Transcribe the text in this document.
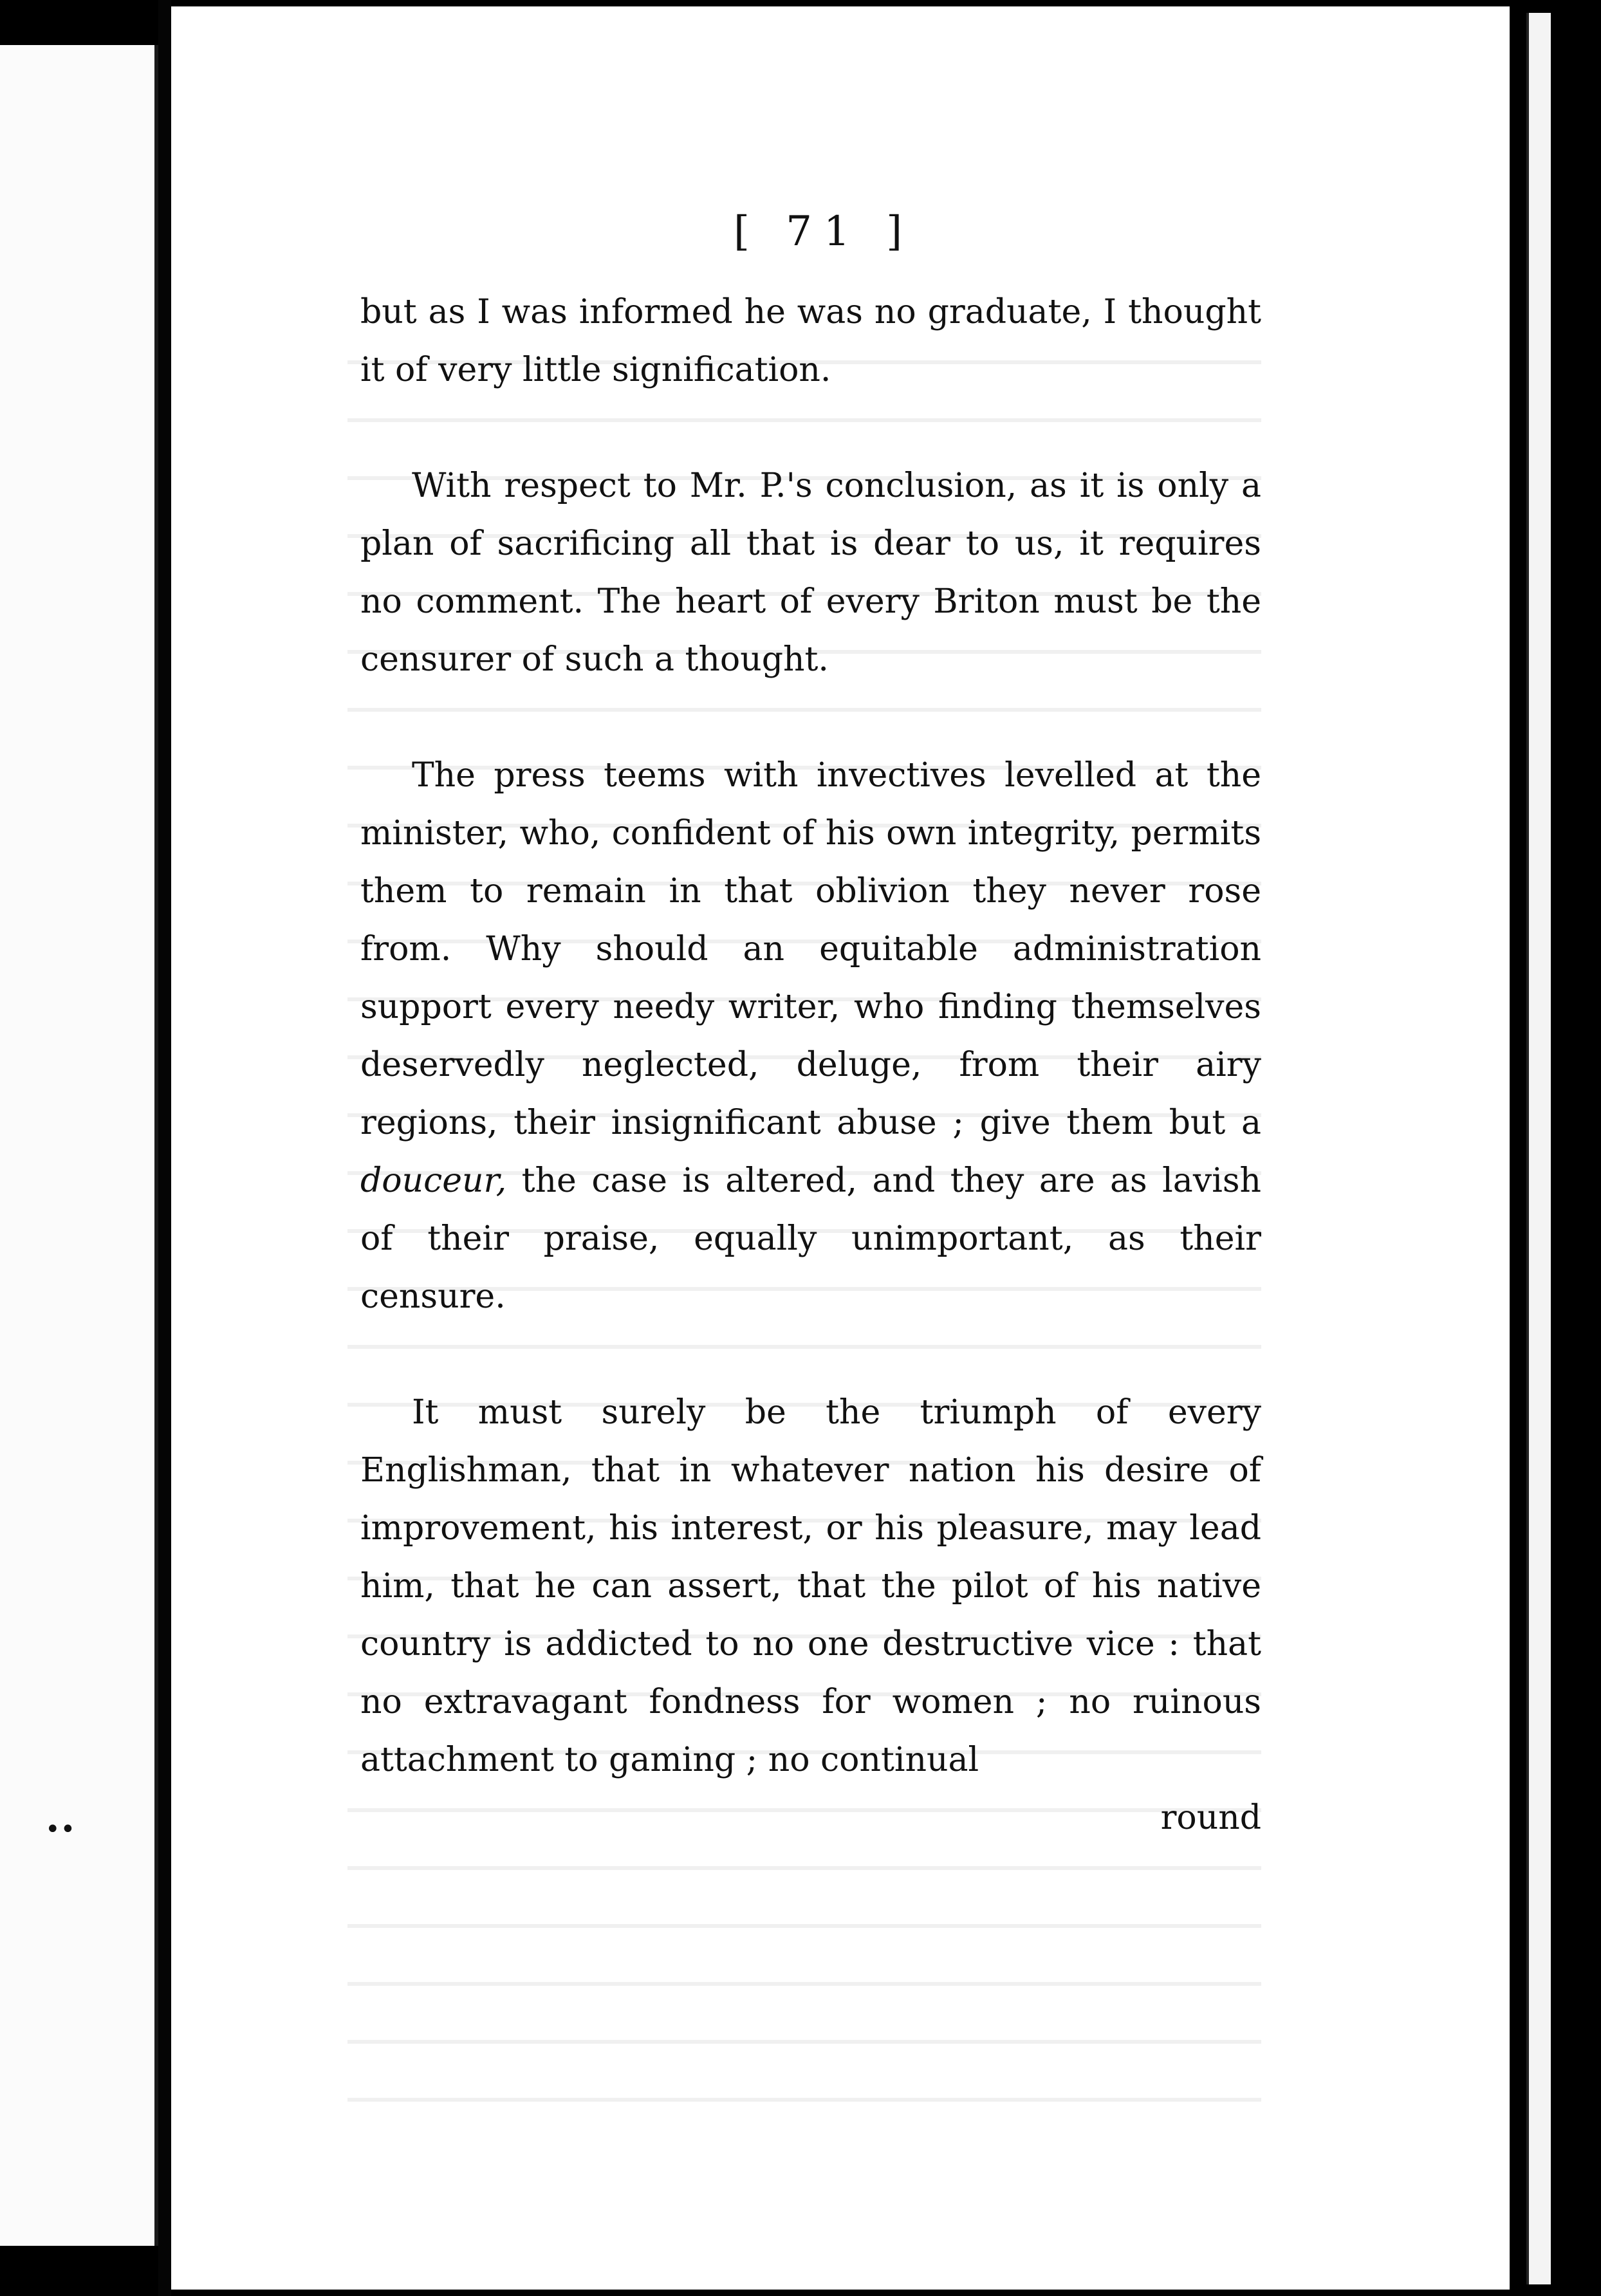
••
[ 71 ]

but as I was informed he was no graduate, I thought it of very little signification.

With respect to Mr. P.'s conclusion, as it is only a plan of sacrificing all that is dear to us, it requires no comment. The heart of every Briton must be the censurer of such a thought.

The press teems with invectives levelled at the minister, who, confident of his own integrity, permits them to remain in that oblivion they never rose from. Why should an equitable administration support every needy writer, who finding themselves deservedly neglected, deluge, from their airy regions, their insignificant abuse ; give them but a douceur, the case is altered, and they are as lavish of their praise, equally unimportant, as their censure.

It must surely be the triumph of every Englishman, that in whatever nation his desire of improvement, his interest, or his pleasure, may lead him, that he can assert, that the pilot of his native country is addicted to no one destructive vice : that no extravagant fondness for women ; no ruinous attachment to gaming ; no continual

round
